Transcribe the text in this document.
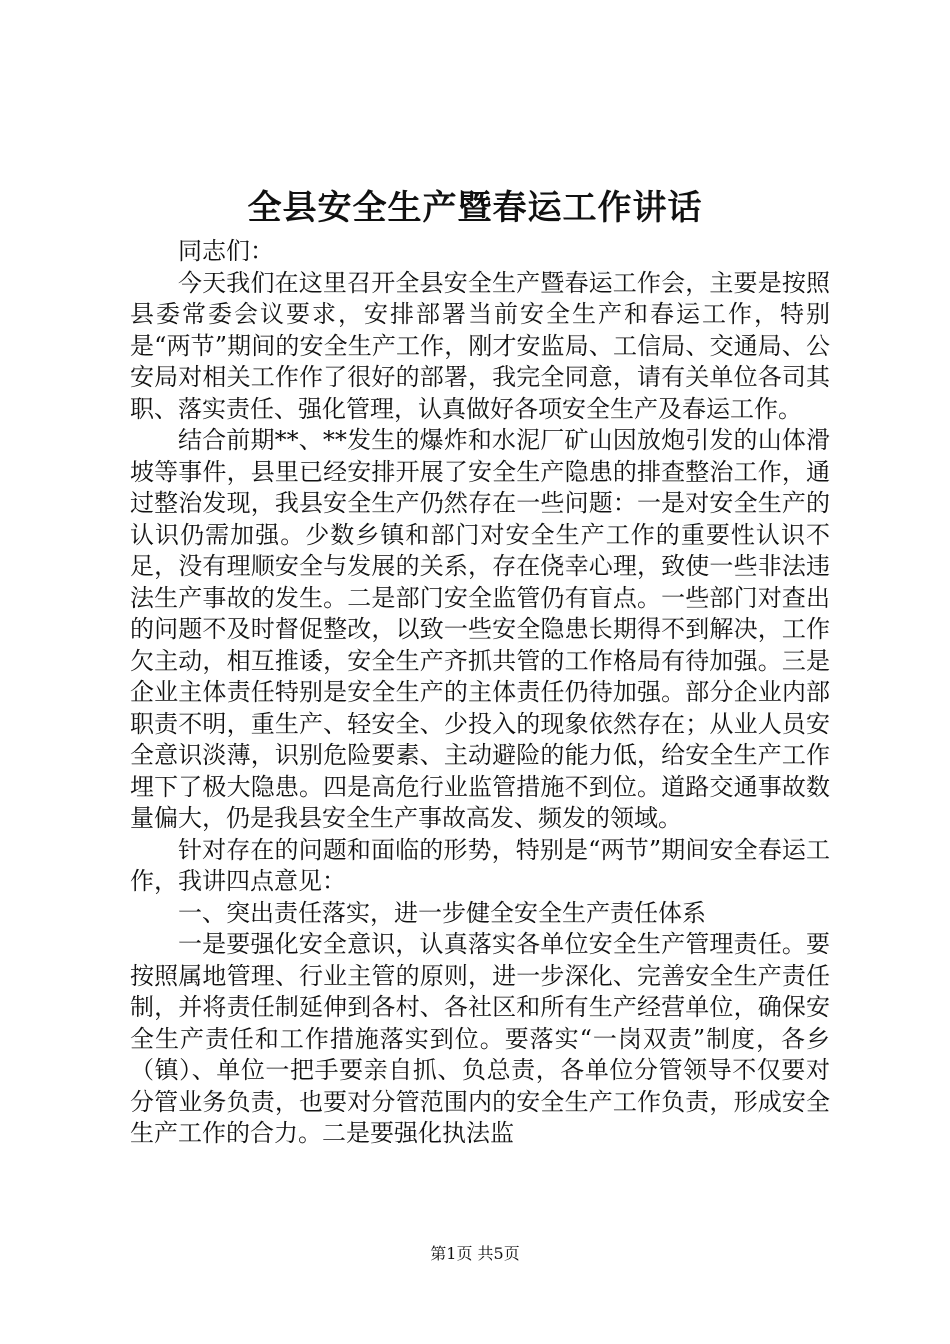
全县安全生产暨春运工作讲话

同志们：

今天我们在这里召开全县安全生产暨春运工作会，主要是按照县委常委会议要求，安排部署当前安全生产和春运工作，特别是“两节”期间的安全生产工作，刚才安监局、工信局、交通局、公安局对相关工作作了很好的部署，我完全同意，请有关单位各司其职、落实责任、强化管理，认真做好各项安全生产及春运工作。

结合前期**、**发生的爆炸和水泥厂矿山因放炮引发的山体滑坡等事件，县里已经安排开展了安全生产隐患的排查整治工作，通过整治发现，我县安全生产仍然存在一些问题：一是对安全生产的认识仍需加强。少数乡镇和部门对安全生产工作的重要性认识不足，没有理顺安全与发展的关系，存在侥幸心理，致使一些非法违法生产事故的发生。二是部门安全监管仍有盲点。一些部门对查出的问题不及时督促整改，以致一些安全隐患长期得不到解决，工作欠主动，相互推诿，安全生产齐抓共管的工作格局有待加强。三是企业主体责任特别是安全生产的主体责任仍待加强。部分企业内部职责不明，重生产、轻安全、少投入的现象依然存在；从业人员安全意识淡薄，识别危险要素、主动避险的能力低，给安全生产工作埋下了极大隐患。四是高危行业监管措施不到位。道路交通事故数量偏大，仍是我县安全生产事故高发、频发的领域。

针对存在的问题和面临的形势，特别是“两节”期间安全春运工作，我讲四点意见：

一、突出责任落实，进一步健全安全生产责任体系

一是要强化安全意识，认真落实各单位安全生产管理责任。要按照属地管理、行业主管的原则，进一步深化、完善安全生产责任制，并将责任制延伸到各村、各社区和所有生产经营单位，确保安全生产责任和工作措施落实到位。要落实“一岗双责”制度，各乡（镇）、单位一把手要亲自抓、负总责，各单位分管领导不仅要对分管业务负责，也要对分管范围内的安全生产工作负责，形成安全生产工作的合力。二是要强化执法监

第1页 共5页
